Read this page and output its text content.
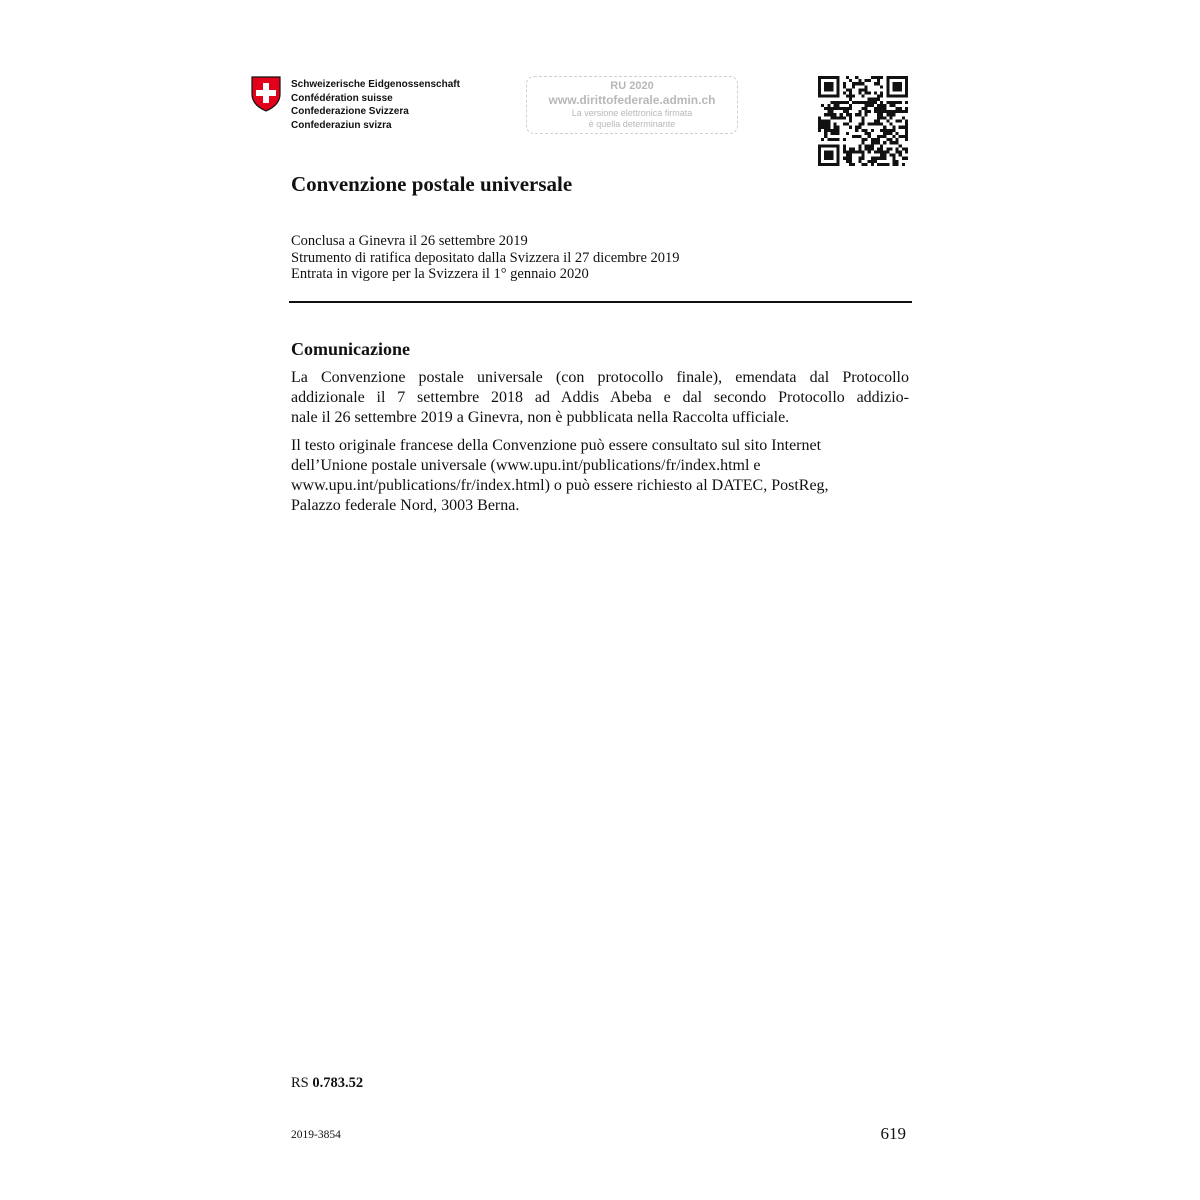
Schweizerische Eidgenossenschaft
Confédération suisse
Confederazione Svizzera
Confederaziun svizra
RU 2020
www.dirittofederale.admin.ch
La versione elettronica firmata
è quella determinante
Convenzione postale universale
Conclusa a Ginevra il 26 settembre 2019
Strumento di ratifica depositato dalla Svizzera il 27 dicembre 2019
Entrata in vigore per la Svizzera il 1° gennaio 2020
Comunicazione

La Convenzione postale universale (con protocollo finale), emendata dal Protocollo
addizionale il 7 settembre 2018 ad Addis Abeba e dal secondo Protocollo addizio-
nale il 26 settembre 2019 a Ginevra, non è pubblicata nella Raccolta ufficiale.

Il testo originale francese della Convenzione può essere consultato sul sito Internet
dell’Unione postale universale (www.upu.int/publications/fr/index.html e
www.upu.int/publications/fr/index.html) o può essere richiesto al DATEC, PostReg,
Palazzo federale Nord, 3003 Berna.

RS 0.783.52
2019-3854	619
